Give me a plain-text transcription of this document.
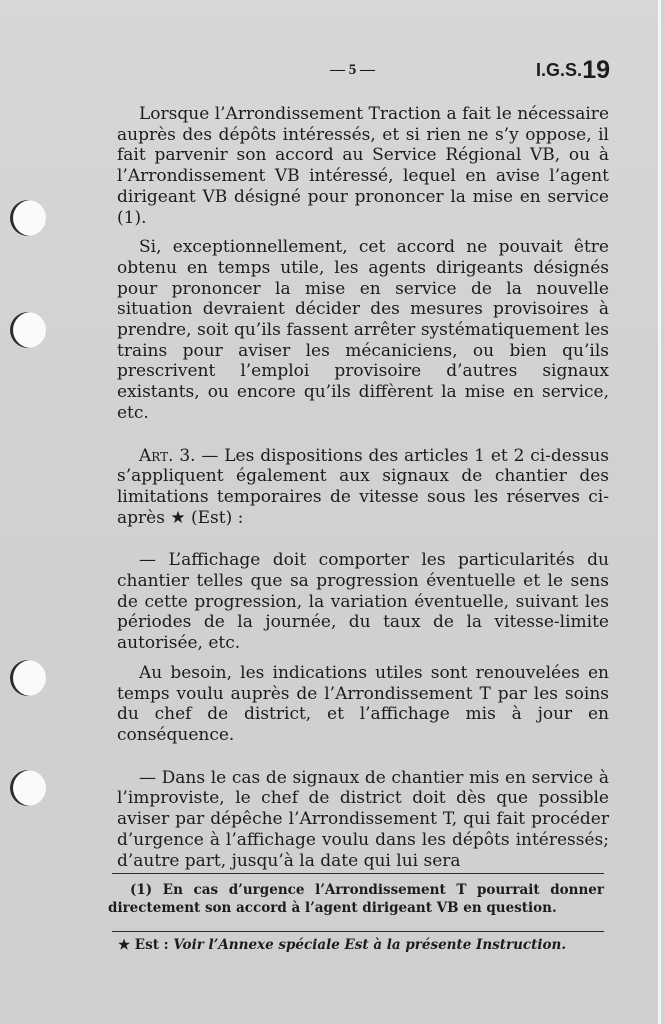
— 5 —	I.G.S. 19

Lorsque l’Arrondissement Traction a fait le nécessaire auprès des dépôts intéressés, et si rien ne s’y oppose, il fait parvenir son accord au Service Régional VB, ou à l’Arrondissement VB intéressé, lequel en avise l’agent dirigeant VB désigné pour prononcer la mise en service (1).

Si, exceptionnellement, cet accord ne pouvait être obtenu en temps utile, les agents dirigeants désignés pour prononcer la mise en service de la nouvelle situation devraient décider des mesures provisoires à prendre, soit qu’ils fassent arrêter systématiquement les trains pour aviser les mécaniciens, ou bien qu’ils prescrivent l’emploi provisoire d’autres signaux existants, ou encore qu’ils diffèrent la mise en service, etc.

Art. 3. — Les dispositions des articles 1 et 2 ci-dessus s’appliquent également aux signaux de chantier des limitations temporaires de vitesse sous les réserves ci-après ★ (Est) :

— L’affichage doit comporter les particularités du chantier telles que sa progression éventuelle et le sens de cette progression, la variation éventuelle, suivant les périodes de la journée, du taux de la vitesse-limite autorisée, etc.

Au besoin, les indications utiles sont renouvelées en temps voulu auprès de l’Arrondissement T par les soins du chef de district, et l’affichage mis à jour en conséquence.

— Dans le cas de signaux de chantier mis en service à l’improviste, le chef de district doit dès que possible aviser par dépêche l’Arrondissement T, qui fait procéder d’urgence à l’affichage voulu dans les dépôts intéressés; d’autre part, jusqu’à la date qui lui sera

(1) En cas d’urgence l’Arrondissement T pourrait donner directement son accord à l’agent dirigeant VB en question.

★ Est : Voir l’Annexe spéciale Est à la présente Instruction.
